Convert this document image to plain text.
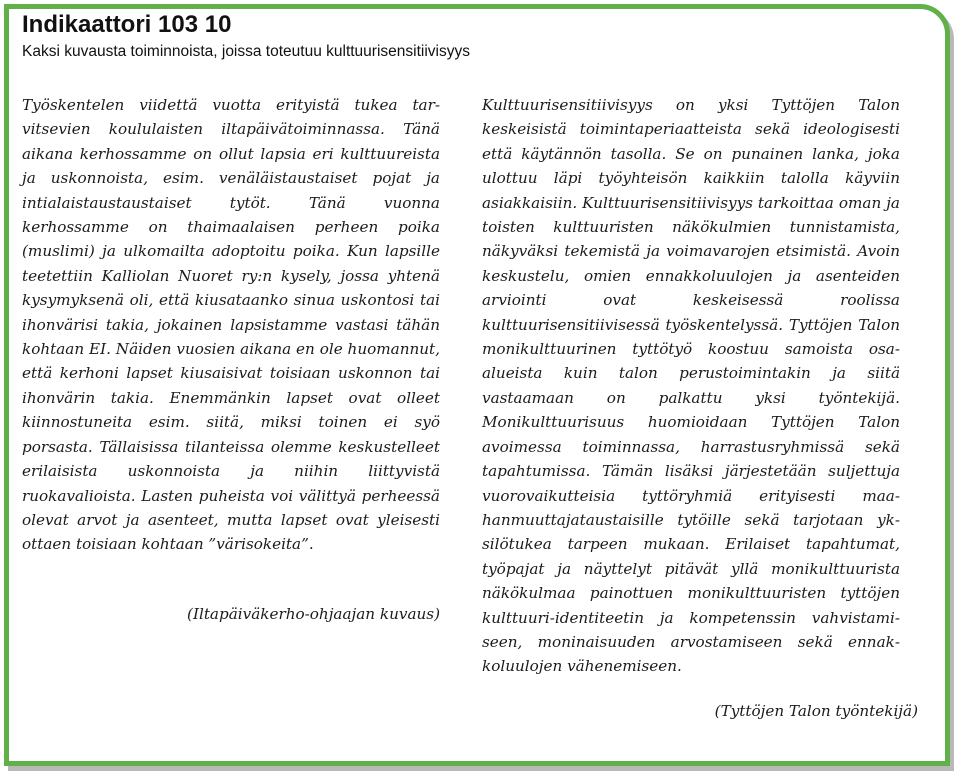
Indikaattori 103 10

Kaksi kuvausta toiminnoista, joissa toteutuu kulttuurisensitiivisyys

Työskentelen viidettä vuotta erityistä tukea tarvitsevien koululaisten iltapäivätoiminnassa. Tänä aikana kerhossamme on ollut lapsia eri kulttuureista ja uskonnoista, esim. venäläistaustaiset pojat ja intialaistaustaustaiset tytöt. Tänä vuonna kerhossamme on thaimaalaisen perheen poika (muslimi) ja ulkomailta adoptoitu poika. Kun lapsille teetettiin Kalliolan Nuoret ry:n kysely, jossa yhtenä kysymyksenä oli, että kiusataanko sinua uskontosi tai ihonvärisi takia, jokainen lapsistamme vastasi tähän kohtaan EI. Näiden vuosien aikana en ole huomannut, että kerhoni lapset kiusaisivat toisiaan uskonnon tai ihonvärin takia. Enemmänkin lapset ovat olleet kiinnostuneita esim. siitä, miksi toinen ei syö porsasta. Tällaisissa tilanteissa olemme keskustelleet erilaisista uskonnoista ja niihin liittyvistä ruokavalioista. Lasten puheista voi välittyä perheessä olevat arvot ja asenteet, mutta lapset ovat yleisesti ottaen toisiaan kohtaan ”värisokeita”.

(Iltapäiväkerho-ohjaajan kuvaus)

Kulttuurisensitiivisyys on yksi Tyttöjen Talon keskeisistä toimintaperiaatteista sekä ideologisesti että käytännön tasolla. Se on punainen lanka, joka ulottuu läpi työyhteisön kaikkiin talolla käyviin asiakkaisiin. Kulttuurisensitiivisyys tarkoittaa oman ja toisten kulttuuristen näkökulmien tunnistamista, näkyväksi tekemistä ja voimavarojen etsimistä. Avoin keskustelu, omien ennakkoluulojen ja asenteiden arviointi ovat keskeisessä roolissa kulttuurisensitiivisessä työskentelyssä. Tyttöjen Talon monikulttuurinen tyttötyö koostuu samoista osa-alueista kuin talon perustoimintakin ja siitä vastaamaan on palkattu yksi työntekijä. Monikulttuurisuus huomioidaan Tyttöjen Talon avoimessa toiminnassa, harrastusryhmissä sekä tapahtumissa. Tämän lisäksi järjestetään suljettuja vuorovaikutteisia tyttöryhmiä erityisesti maahanmuuttajataustaisille tytöille sekä tarjotaan yksilötukea tarpeen mukaan. Erilaiset tapahtumat, työpajat ja näyttelyt pitävät yllä monikulttuurista näkökulmaa painottuen monikulttuuristen tyttöjen kulttuuri-identiteetin ja kompetenssin vahvistamiseen, moninaisuuden arvostamiseen sekä ennakkoluulojen vähenemiseen.

(Tyttöjen Talon työntekijä)
